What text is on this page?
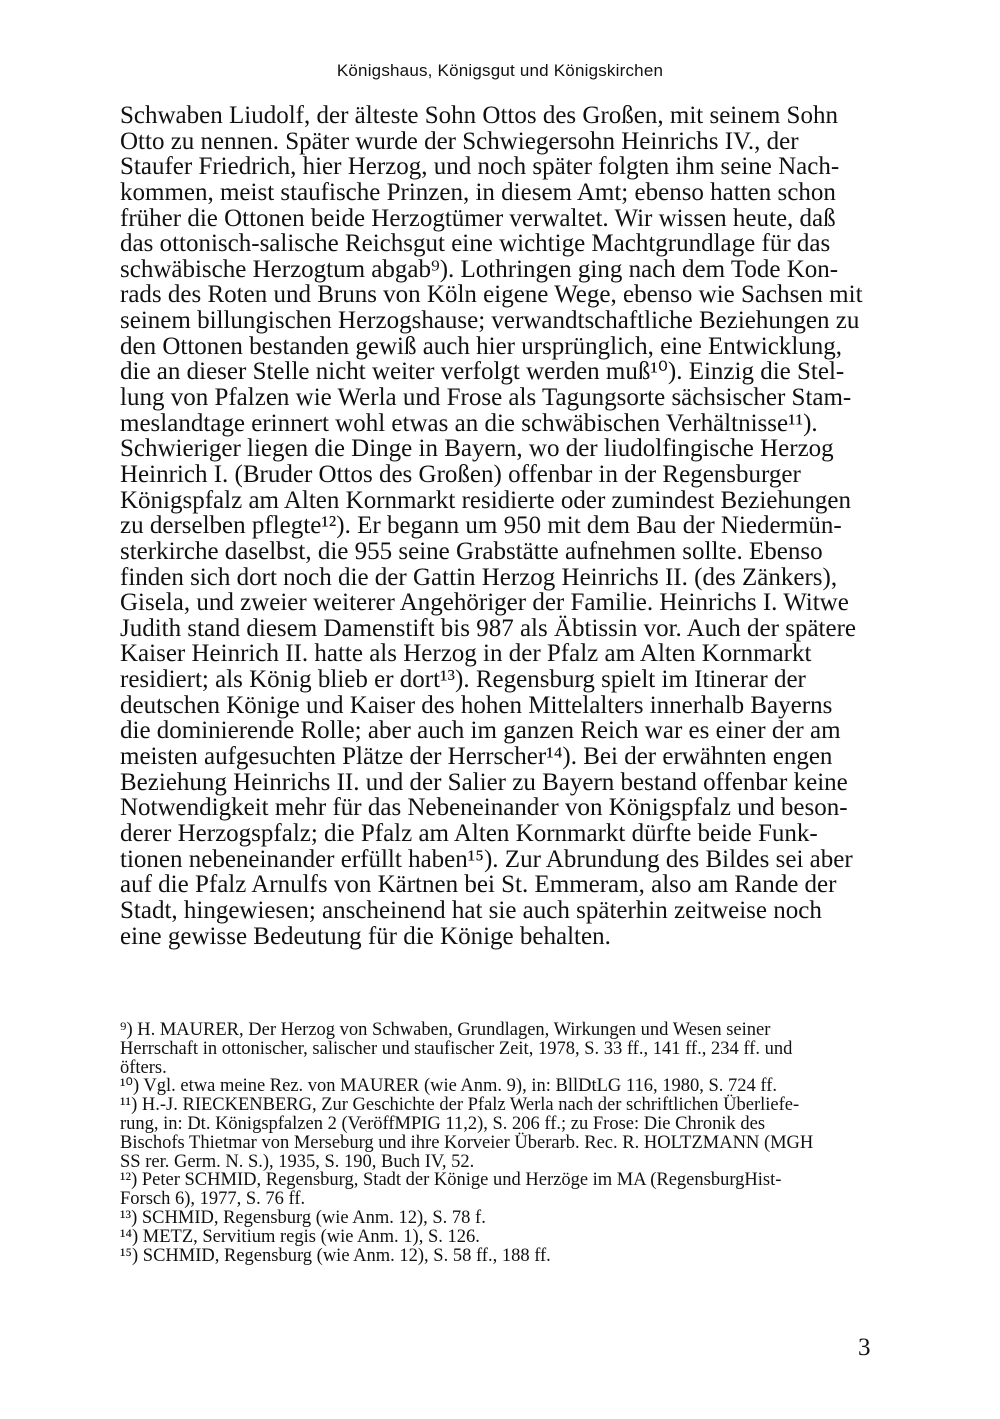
Königshaus, Königsgut und Königskirchen
Schwaben Liudolf, der älteste Sohn Ottos des Großen, mit seinem Sohn
Otto zu nennen. Später wurde der Schwiegersohn Heinrichs IV., der
Staufer Friedrich, hier Herzog, und noch später folgten ihm seine Nach-
kommen, meist staufische Prinzen, in diesem Amt; ebenso hatten schon
früher die Ottonen beide Herzogtümer verwaltet. Wir wissen heute, daß
das ottonisch-salische Reichsgut eine wichtige Machtgrundlage für das
schwäbische Herzogtum abgab⁹). Lothringen ging nach dem Tode Kon-
rads des Roten und Bruns von Köln eigene Wege, ebenso wie Sachsen mit
seinem billungischen Herzogshause; verwandtschaftliche Beziehungen zu
den Ottonen bestanden gewiß auch hier ursprünglich, eine Entwicklung,
die an dieser Stelle nicht weiter verfolgt werden muß¹⁰). Einzig die Stel-
lung von Pfalzen wie Werla und Frose als Tagungsorte sächsischer Stam-
meslandtage erinnert wohl etwas an die schwäbischen Verhältnisse¹¹).
Schwieriger liegen die Dinge in Bayern, wo der liudolfingische Herzog
Heinrich I. (Bruder Ottos des Großen) offenbar in der Regensburger
Königspfalz am Alten Kornmarkt residierte oder zumindest Beziehungen
zu derselben pflegte¹²). Er begann um 950 mit dem Bau der Niedermün-
sterkirche daselbst, die 955 seine Grabstätte aufnehmen sollte. Ebenso
finden sich dort noch die der Gattin Herzog Heinrichs II. (des Zänkers),
Gisela, und zweier weiterer Angehöriger der Familie. Heinrichs I. Witwe
Judith stand diesem Damenstift bis 987 als Äbtissin vor. Auch der spätere
Kaiser Heinrich II. hatte als Herzog in der Pfalz am Alten Kornmarkt
residiert; als König blieb er dort¹³). Regensburg spielt im Itinerar der
deutschen Könige und Kaiser des hohen Mittelalters innerhalb Bayerns
die dominierende Rolle; aber auch im ganzen Reich war es einer der am
meisten aufgesuchten Plätze der Herrscher¹⁴). Bei der erwähnten engen
Beziehung Heinrichs II. und der Salier zu Bayern bestand offenbar keine
Notwendigkeit mehr für das Nebeneinander von Königspfalz und beson-
derer Herzogspfalz; die Pfalz am Alten Kornmarkt dürfte beide Funk-
tionen nebeneinander erfüllt haben¹⁵). Zur Abrundung des Bildes sei aber
auf die Pfalz Arnulfs von Kärtnen bei St. Emmeram, also am Rande der
Stadt, hingewiesen; anscheinend hat sie auch späterhin zeitweise noch
eine gewisse Bedeutung für die Könige behalten.
⁹) H. MAURER, Der Herzog von Schwaben, Grundlagen, Wirkungen und Wesen seiner
Herrschaft in ottonischer, salischer und staufischer Zeit, 1978, S. 33 ff., 141 ff., 234 ff. und
öfters.
¹⁰) Vgl. etwa meine Rez. von MAURER (wie Anm. 9), in: BllDtLG 116, 1980, S. 724 ff.
¹¹) H.-J. RIECKENBERG, Zur Geschichte der Pfalz Werla nach der schriftlichen Überliefe-
rung, in: Dt. Königspfalzen 2 (VeröffMPIG 11,2), S. 206 ff.; zu Frose: Die Chronik des
Bischofs Thietmar von Merseburg und ihre Korveier Überarb. Rec. R. HOLTZMANN (MGH
SS rer. Germ. N. S.), 1935, S. 190, Buch IV, 52.
¹²) Peter SCHMID, Regensburg, Stadt der Könige und Herzöge im MA (RegensburgHist-
Forsch 6), 1977, S. 76 ff.
¹³) SCHMID, Regensburg (wie Anm. 12), S. 78 f.
¹⁴) METZ, Servitium regis (wie Anm. 1), S. 126.
¹⁵) SCHMID, Regensburg (wie Anm. 12), S. 58 ff., 188 ff.
3
